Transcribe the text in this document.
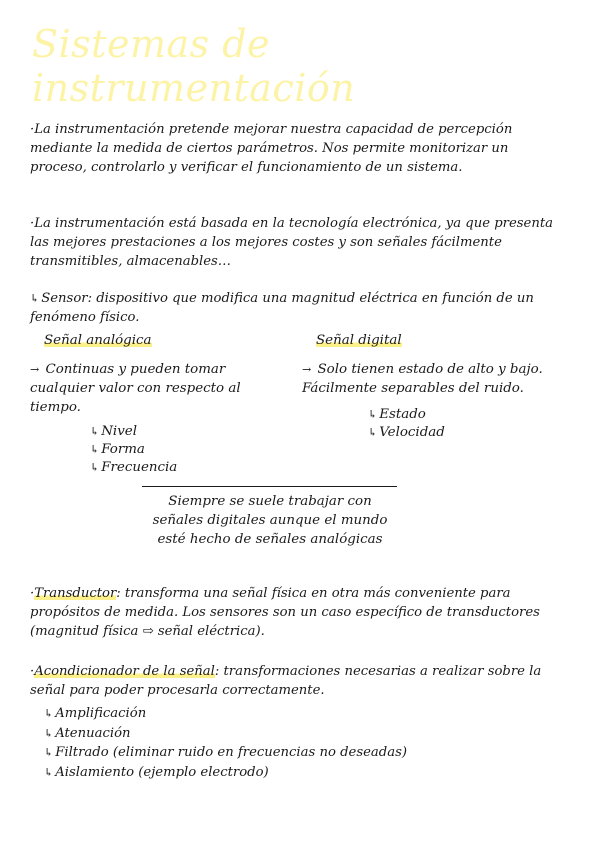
Sistemas de instrumentación

·La instrumentación pretende mejorar nuestra capacidad de percepción mediante la medida de ciertos parámetros. Nos permite monitorizar un proceso, controlarlo y verificar el funcionamiento de un sistema.

·La instrumentación está basada en la tecnología electrónica, ya que presenta las mejores prestaciones a los mejores costes y son señales fácilmente transmitibles, almacenables…

↳ Sensor: dispositivo que modifica una magnitud eléctrica en función de un fenómeno físico.

Señal analógica
→ Continuas y pueden tomar cualquier valor con respecto al tiempo.
↳ Nivel
↳ Forma
↳ Frecuencia
Señal digital
→ Solo tienen estado de alto y bajo. Fácilmente separables del ruido.
↳ Estado
↳ Velocidad

Siempre se suele trabajar con señales digitales aunque el mundo esté hecho de señales analógicas

·Transductor: transforma una señal física en otra más conveniente para propósitos de medida. Los sensores son un caso específico de transductores (magnitud física ⇨ señal eléctrica).

·Acondicionador de la señal: transformaciones necesarias a realizar sobre la señal para poder procesarla correctamente.
↳ Amplificación
↳ Atenuación
↳ Filtrado (eliminar ruido en frecuencias no deseadas)
↳ Aislamiento (ejemplo electrodo)
